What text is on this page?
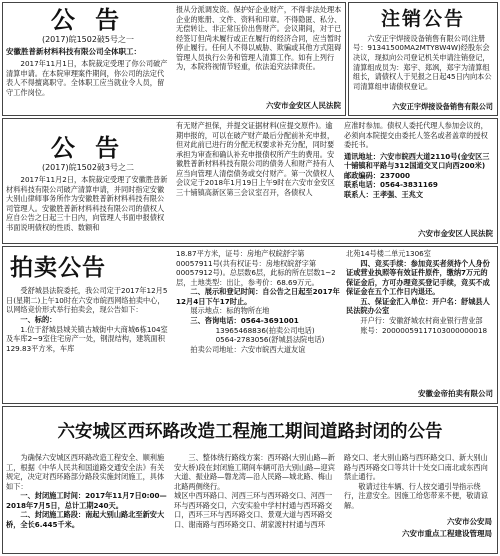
公 告
(2017)皖1502破5号之一
安徽胜普新材料科技有限公司全体职工：

2017年11月1日，本院裁定受理了你公司破产清算申请。在本院审理案件期间，你公司的法定代表人不得擅离职守。全体职工应当就业令人员，留守工作岗位。

报从分派调发资。保护好企业财产，不得非法处理本企业的账册、文件、资料和印章。不得隐匿、私分、无偿转让、非正常压价出售财产。会议期间，对于已经签订但尚未履行或正在履行的经济合同，应当暂时停止履行。任何人不得以威胁、欺骗或其他方式阻碍管理人员执行公务和管理人清算工作。如有上列行为，本院将视情节轻重，依法追究法律责任。

六安市金安区人民法院
注销公告

六安正宇焊接设备销售有限公司(注册号：91341500MA2MTY8W4W)经股东会决议，现拟向公司登记机关申请注销登记，清算组成员为：郑宇、郑飒，郑宇为清算组组长，请债权人于见报之日起45日内向本公司清算组申请债权登记。

六安正宇焊接设备销售有限公司
公 告
(2017)皖1502破3号之二

2017年11月2日，本院裁定受理了安徽胜普新材料科技有限公司破产清算申请，并同时指定安徽大别山律师事务所作为安徽胜普新材料科技有限公司管理人。安徽胜普新材料科技有限公司的债权人应自公告之日起三十日内，向管理人书面申报债权书面说明债权的性质、数额和

有无财产担保，并提交证据材料(应提交原件)。逾期申报的，可以在破产财产最后分配前补充申报，但对此前已进行的分配无权要求补充分配，同时要承担为审查和确认补充申报债权所产生的费用。安徽胜普新材料科技有限公司的债务人和财产持有人应当向管理人清偿债务或交付财产。第一次债权人会议定于2018年1月19日上午9时在六安市金安区三十铺镇高新区第三会议室召开，各债权人

应准时参加。债权人委托代理人参加会议的，必须向本院提交由委托人签名或者盖章的授权委托书。

通讯地址：六安市皖西大道2110号(金安区三十铺镇和平路与312国道交叉口向西200米)
邮政编码：237000
联系电话：0564-3831169
联系人：王孝强、王兆文
六安市金安区人民法院
拍卖公告

受舒城县法院委托，我公司定于2017年12月5日(星期二)上午10时在六安市皖西网络拍卖中心，以网络竞价形式举行拍卖会，现公告如下：

一、标的：

1.位于舒城县城关镇古城街中大商城6栋104室及车库2~9室住宅房产一处，钢混结构，建筑面积129.83平方米，车库

18.87平方米，证号：房地产权皖舒字第00057911号(共有权证号：房地权皖舒字第00057912号)。总层数6层，此标的所在层数1~2层，土地类型：出让，参考价：68.69万元。

二、展示和登记时间：自公告之日起至2017年12月4日下午17时止。

展示地点：标的物所在地

三、咨询电话：0564-3691001

13965468836(拍卖公司电话)

0564-2783056(舒城县法院电话)

拍卖公司地址：六安市皖西大道友谊

北苑14号楼二单元1306室

四、竞买手续：参加竞买者须持个人身份证或营业执照等有效证件原件，缴纳7万元的保证金后，方可办理竞买登记手续，竞买不成保证金在五个工作日内退还。

五、保证金汇入单位：开户名：舒城县人民法院办公室

开户行：安徽舒城农村商业银行营业部

账号：20000059117103000000018

安徽金帝拍卖有限公司
六安城区西环路改造工程施工期间道路封闭的公告

为确保六安城区西环路改造工程安全、顺利施工，根据《中华人民共和国道路交通安全法》有关规定，决定对西环路部分路段实施封闭施工，具体如下：

一、封闭施工时间：2017年11月7日0:00—2018年7月5日，总计工期240天。

二、封闭施工路段：南起大别山路北至新安大桥，全长6.445千米。

三、整体绕行路线方案：西环路(大别山路—新安大桥)段在封闭施工期间车辆可沿大别山路—迎宾大道、振业路—磐龙湾—沿人民路—城北路、梅山北路两侧绕行。

城区中西环路口、河西三环与西环路交口、河西一环与西环路交口，六安实验中学村村通与西环路交口，西环三环与西环路交口、景观大道与西环路交口、谢南路与西环路交口、胡家渡村村通与西环

路交口、老大别山路与西环路交口、新大别山路与西环路交口等共计十处交口南北或东西向禁止通行。

敬请过往车辆、行人按交通引导指示绕行，注意安全。因施工给您带来不便，敬请谅解。

六安市公安局
六安市重点工程建设管理局
